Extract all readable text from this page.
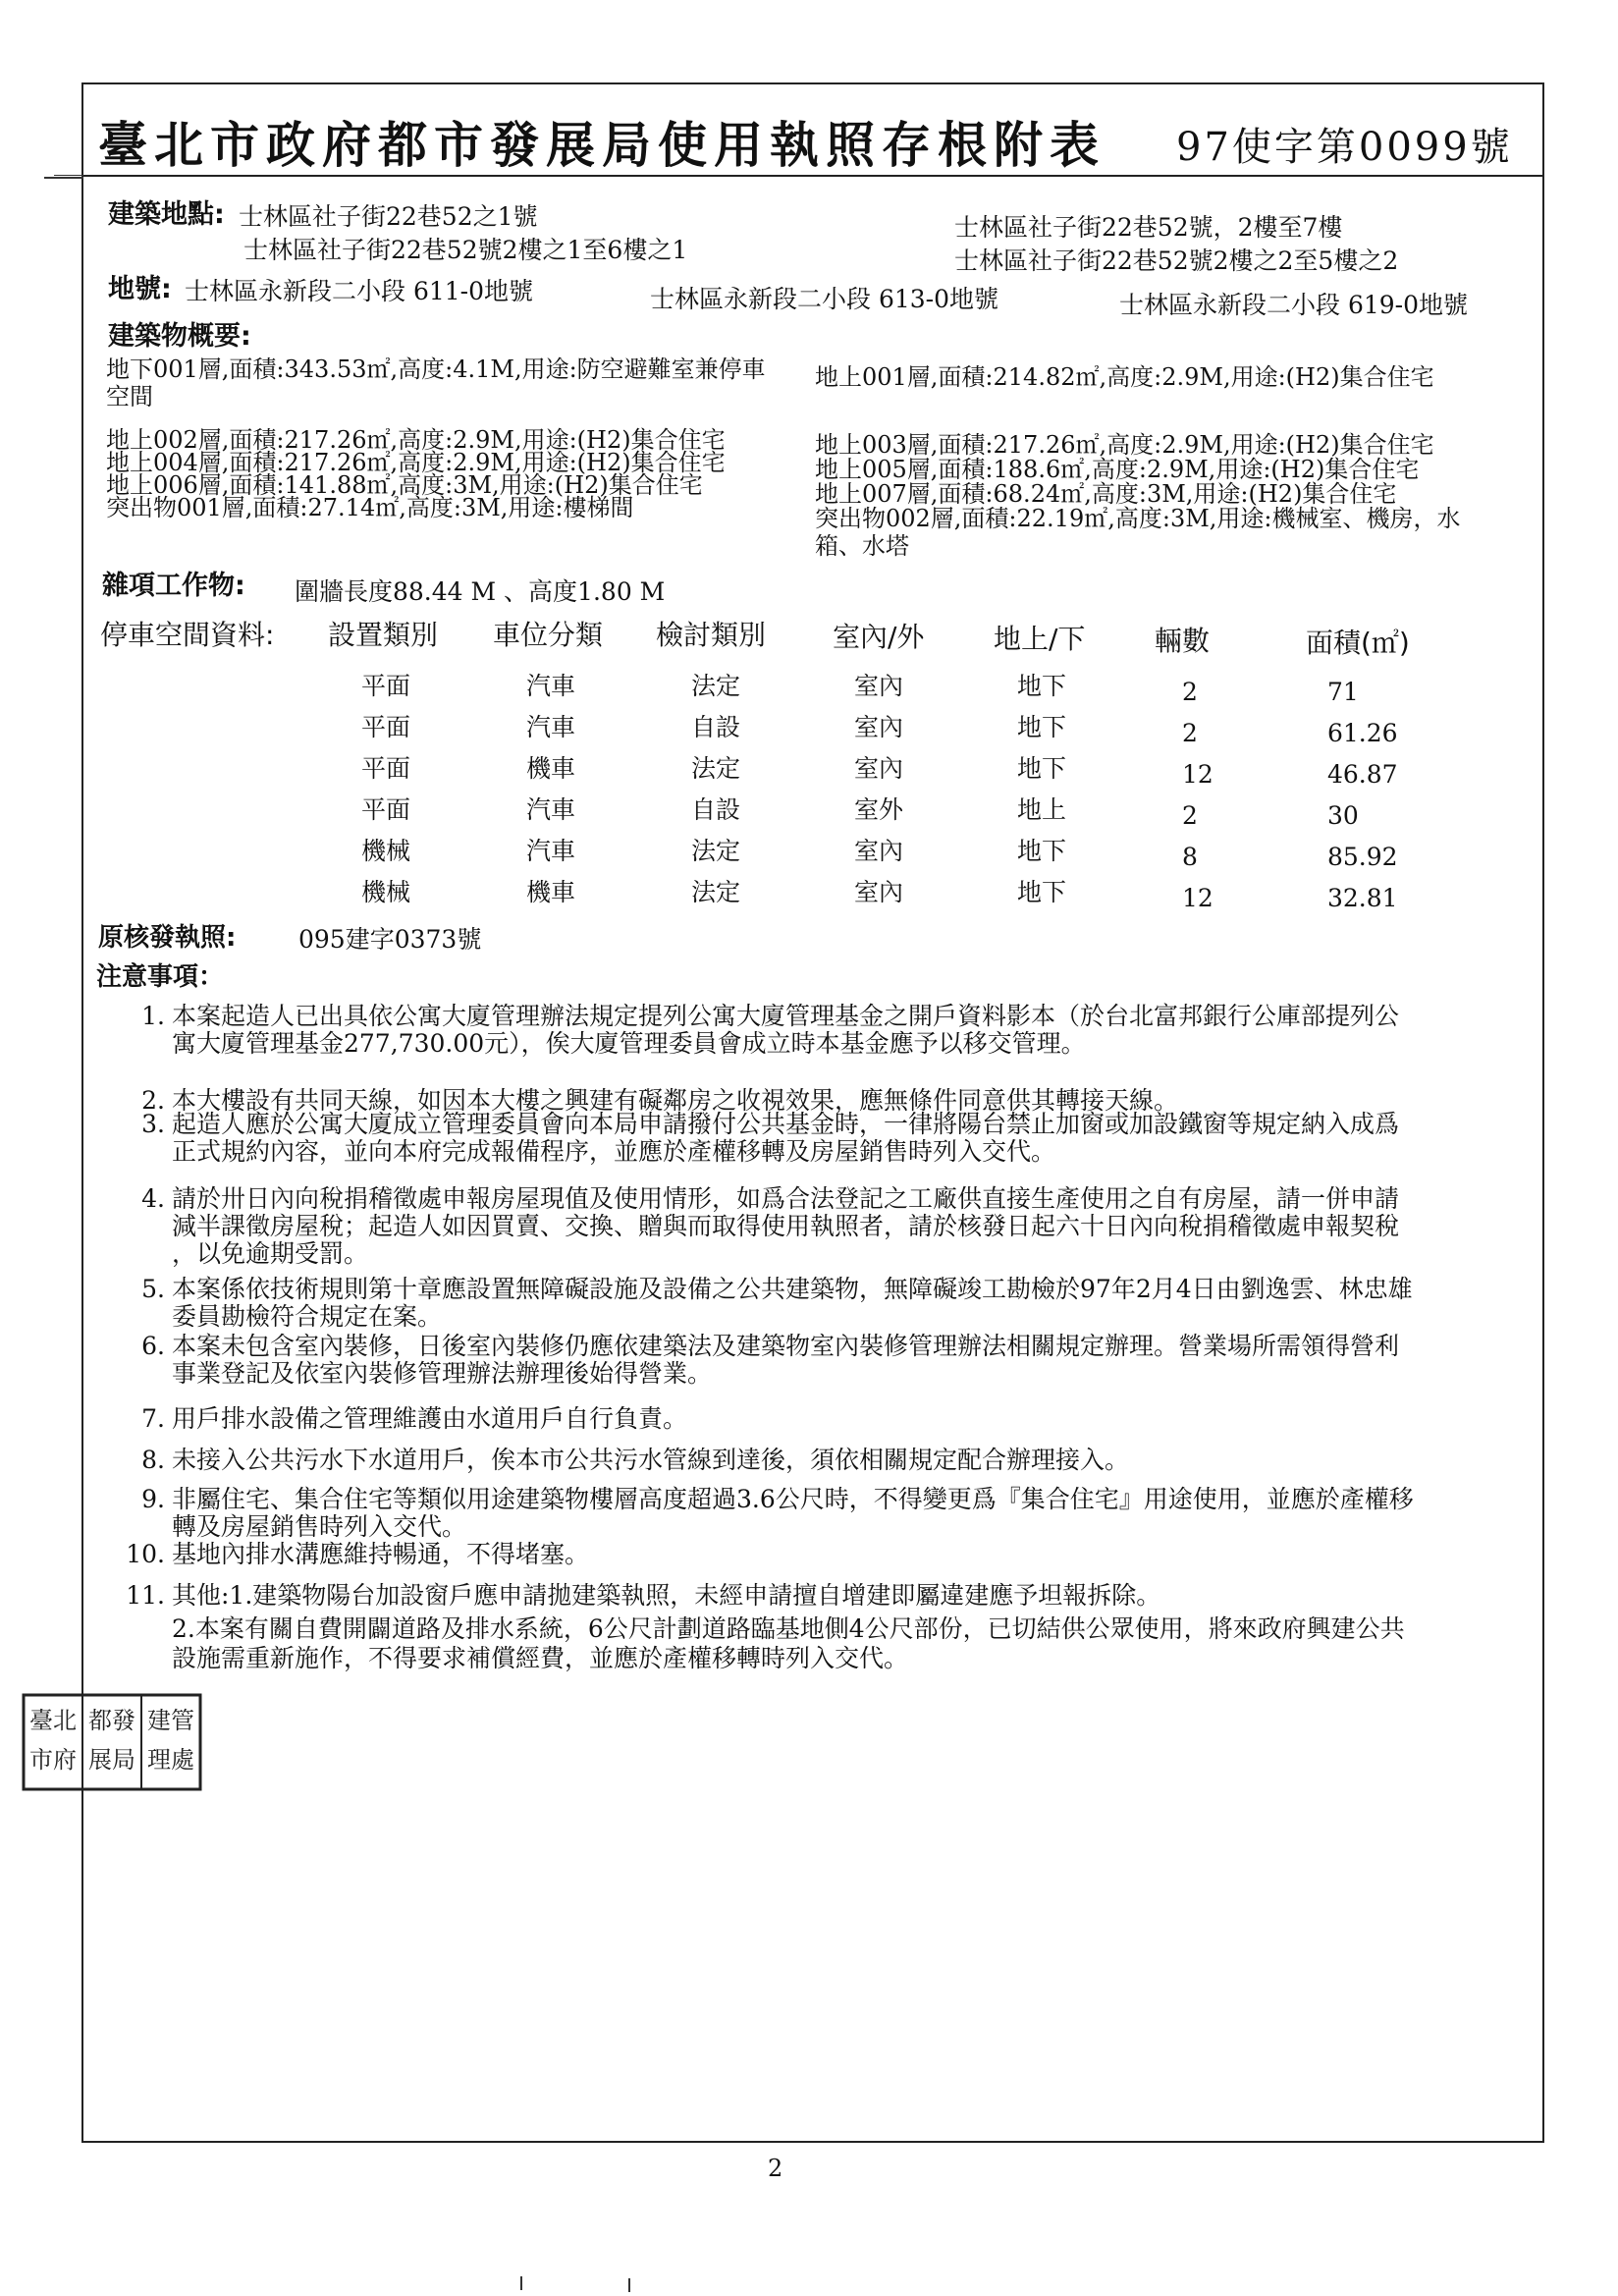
臺北市政府都市發展局使用執照存根附表 97使字第0099號
建築地點: 士林區社子街22巷52之1號
士林區社子街22巷52號2樓之1至6樓之1
士林區社子街22巷52號，2樓至7樓
士林區社子街22巷52號2樓之2至5樓之2
地號: 士林區永新段二小段 611-0地號	士林區永新段二小段 613-0地號	士林區永新段二小段 619-0地號
建築物概要:
地下001層,面積:343.53㎡,高度:4.1M,用途:防空避難室兼停車
空間
地上001層,面積:214.82㎡,高度:2.9M,用途:(H2)集合住宅
地上002層,面積:217.26㎡,高度:2.9M,用途:(H2)集合住宅
地上004層,面積:217.26㎡,高度:2.9M,用途:(H2)集合住宅
地上006層,面積:141.88㎡,高度:3M,用途:(H2)集合住宅
突出物001層,面積:27.14㎡,高度:3M,用途:樓梯間
地上003層,面積:217.26㎡,高度:2.9M,用途:(H2)集合住宅
地上005層,面積:188.6㎡,高度:2.9M,用途:(H2)集合住宅
地上007層,面積:68.24㎡,高度:3M,用途:(H2)集合住宅
突出物002層,面積:22.19㎡,高度:3M,用途:機械室、機房，水
箱、水塔
雜項工作物: 圍牆長度88.44 M 、高度1.80 M
停車空間資料: 設置類別 車位分類 檢討類別 室內/外	地上/下	輛數	面積(㎡)
平面	汽車	法定	室內	地下	2	71
平面	汽車	自設	室內	地下	2	61.26
平面	機車	法定	室內	地下	12	46.87
平面	汽車	自設	室外	地上	2	30
機械	汽車	法定	室內	地下	8	85.92
機械	機車	法定	室內	地下	12	32.81
原核發執照:	095建字0373號
注意事項：
1. 本案起造人已出具依公寓大廈管理辦法規定提列公寓大廈管理基金之開戶資料影本（於台北富邦銀行公庫部提列公
寓大廈管理基金277,730.00元），俟大廈管理委員會成立時本基金應予以移交管理。
2. 本大樓設有共同天線，如因本大樓之興建有礙鄰房之收視效果，應無條件同意供其轉接天線。
3. 起造人應於公寓大廈成立管理委員會向本局申請撥付公共基金時，一律將陽台禁止加窗或加設鐵窗等規定納入成爲
正式規約內容，並向本府完成報備程序，並應於產權移轉及房屋銷售時列入交代。
4. 請於卅日內向稅捐稽徵處申報房屋現值及使用情形，如爲合法登記之工廠供直接生產使用之自有房屋，請一併申請
減半課徵房屋稅；起造人如因買賣、交換、贈與而取得使用執照者，請於核發日起六十日內向稅捐稽徵處申報契稅
，以免逾期受罰。
5. 本案係依技術規則第十章應設置無障礙設施及設備之公共建築物，無障礙竣工勘檢於97年2月4日由劉逸雲、林忠雄
委員勘檢符合規定在案。
6. 本案未包含室內裝修，日後室內裝修仍應依建築法及建築物室內裝修管理辦法相關規定辦理。營業場所需領得營利
事業登記及依室內裝修管理辦法辦理後始得營業。
7. 用戶排水設備之管理維護由水道用戶自行負責。
8. 未接入公共污水下水道用戶，俟本市公共污水管線到達後，須依相關規定配合辦理接入。
9. 非屬住宅、集合住宅等類似用途建築物樓層高度超過3.6公尺時，不得變更爲『集合住宅』用途使用，並應於產權移
轉及房屋銷售時列入交代。
10. 基地內排水溝應維持暢通，不得堵塞。
11. 其他:1.建築物陽台加設窗戶應申請拋建築執照，未經申請擅自增建即屬違建應予坦報拆除。
2.本案有關自費開闢道路及排水系統，6公尺計劃道路臨基地側4公尺部份，已切結供公眾使用，將來政府興建公共
設施需重新施作，不得要求補償經費，並應於產權移轉時列入交代。
臺北
市府
都發
展局
建管
理處
2
